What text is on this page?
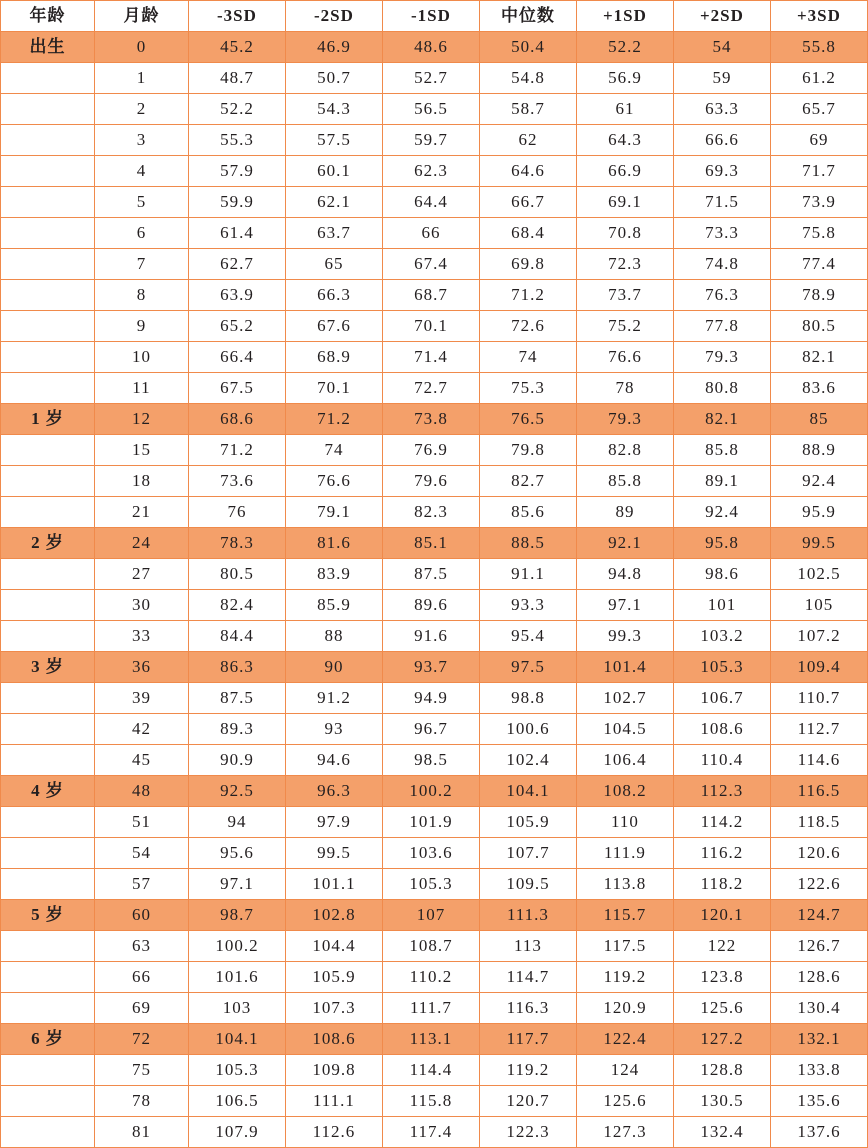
年龄	月龄	-3SD	-2SD	-1SD	中位数	+1SD	+2SD	+3SD
出生	0	45.2	46.9	48.6	50.4	52.2	54	55.8
	1	48.7	50.7	52.7	54.8	56.9	59	61.2
	2	52.2	54.3	56.5	58.7	61	63.3	65.7
	3	55.3	57.5	59.7	62	64.3	66.6	69
	4	57.9	60.1	62.3	64.6	66.9	69.3	71.7
	5	59.9	62.1	64.4	66.7	69.1	71.5	73.9
	6	61.4	63.7	66	68.4	70.8	73.3	75.8
	7	62.7	65	67.4	69.8	72.3	74.8	77.4
	8	63.9	66.3	68.7	71.2	73.7	76.3	78.9
	9	65.2	67.6	70.1	72.6	75.2	77.8	80.5
	10	66.4	68.9	71.4	74	76.6	79.3	82.1
	11	67.5	70.1	72.7	75.3	78	80.8	83.6
1 岁	12	68.6	71.2	73.8	76.5	79.3	82.1	85
	15	71.2	74	76.9	79.8	82.8	85.8	88.9
	18	73.6	76.6	79.6	82.7	85.8	89.1	92.4
	21	76	79.1	82.3	85.6	89	92.4	95.9
2 岁	24	78.3	81.6	85.1	88.5	92.1	95.8	99.5
	27	80.5	83.9	87.5	91.1	94.8	98.6	102.5
	30	82.4	85.9	89.6	93.3	97.1	101	105
	33	84.4	88	91.6	95.4	99.3	103.2	107.2
3 岁	36	86.3	90	93.7	97.5	101.4	105.3	109.4
	39	87.5	91.2	94.9	98.8	102.7	106.7	110.7
	42	89.3	93	96.7	100.6	104.5	108.6	112.7
	45	90.9	94.6	98.5	102.4	106.4	110.4	114.6
4 岁	48	92.5	96.3	100.2	104.1	108.2	112.3	116.5
	51	94	97.9	101.9	105.9	110	114.2	118.5
	54	95.6	99.5	103.6	107.7	111.9	116.2	120.6
	57	97.1	101.1	105.3	109.5	113.8	118.2	122.6
5 岁	60	98.7	102.8	107	111.3	115.7	120.1	124.7
	63	100.2	104.4	108.7	113	117.5	122	126.7
	66	101.6	105.9	110.2	114.7	119.2	123.8	128.6
	69	103	107.3	111.7	116.3	120.9	125.6	130.4
6 岁	72	104.1	108.6	113.1	117.7	122.4	127.2	132.1
	75	105.3	109.8	114.4	119.2	124	128.8	133.8
	78	106.5	111.1	115.8	120.7	125.6	130.5	135.6
	81	107.9	112.6	117.4	122.3	127.3	132.4	137.6
